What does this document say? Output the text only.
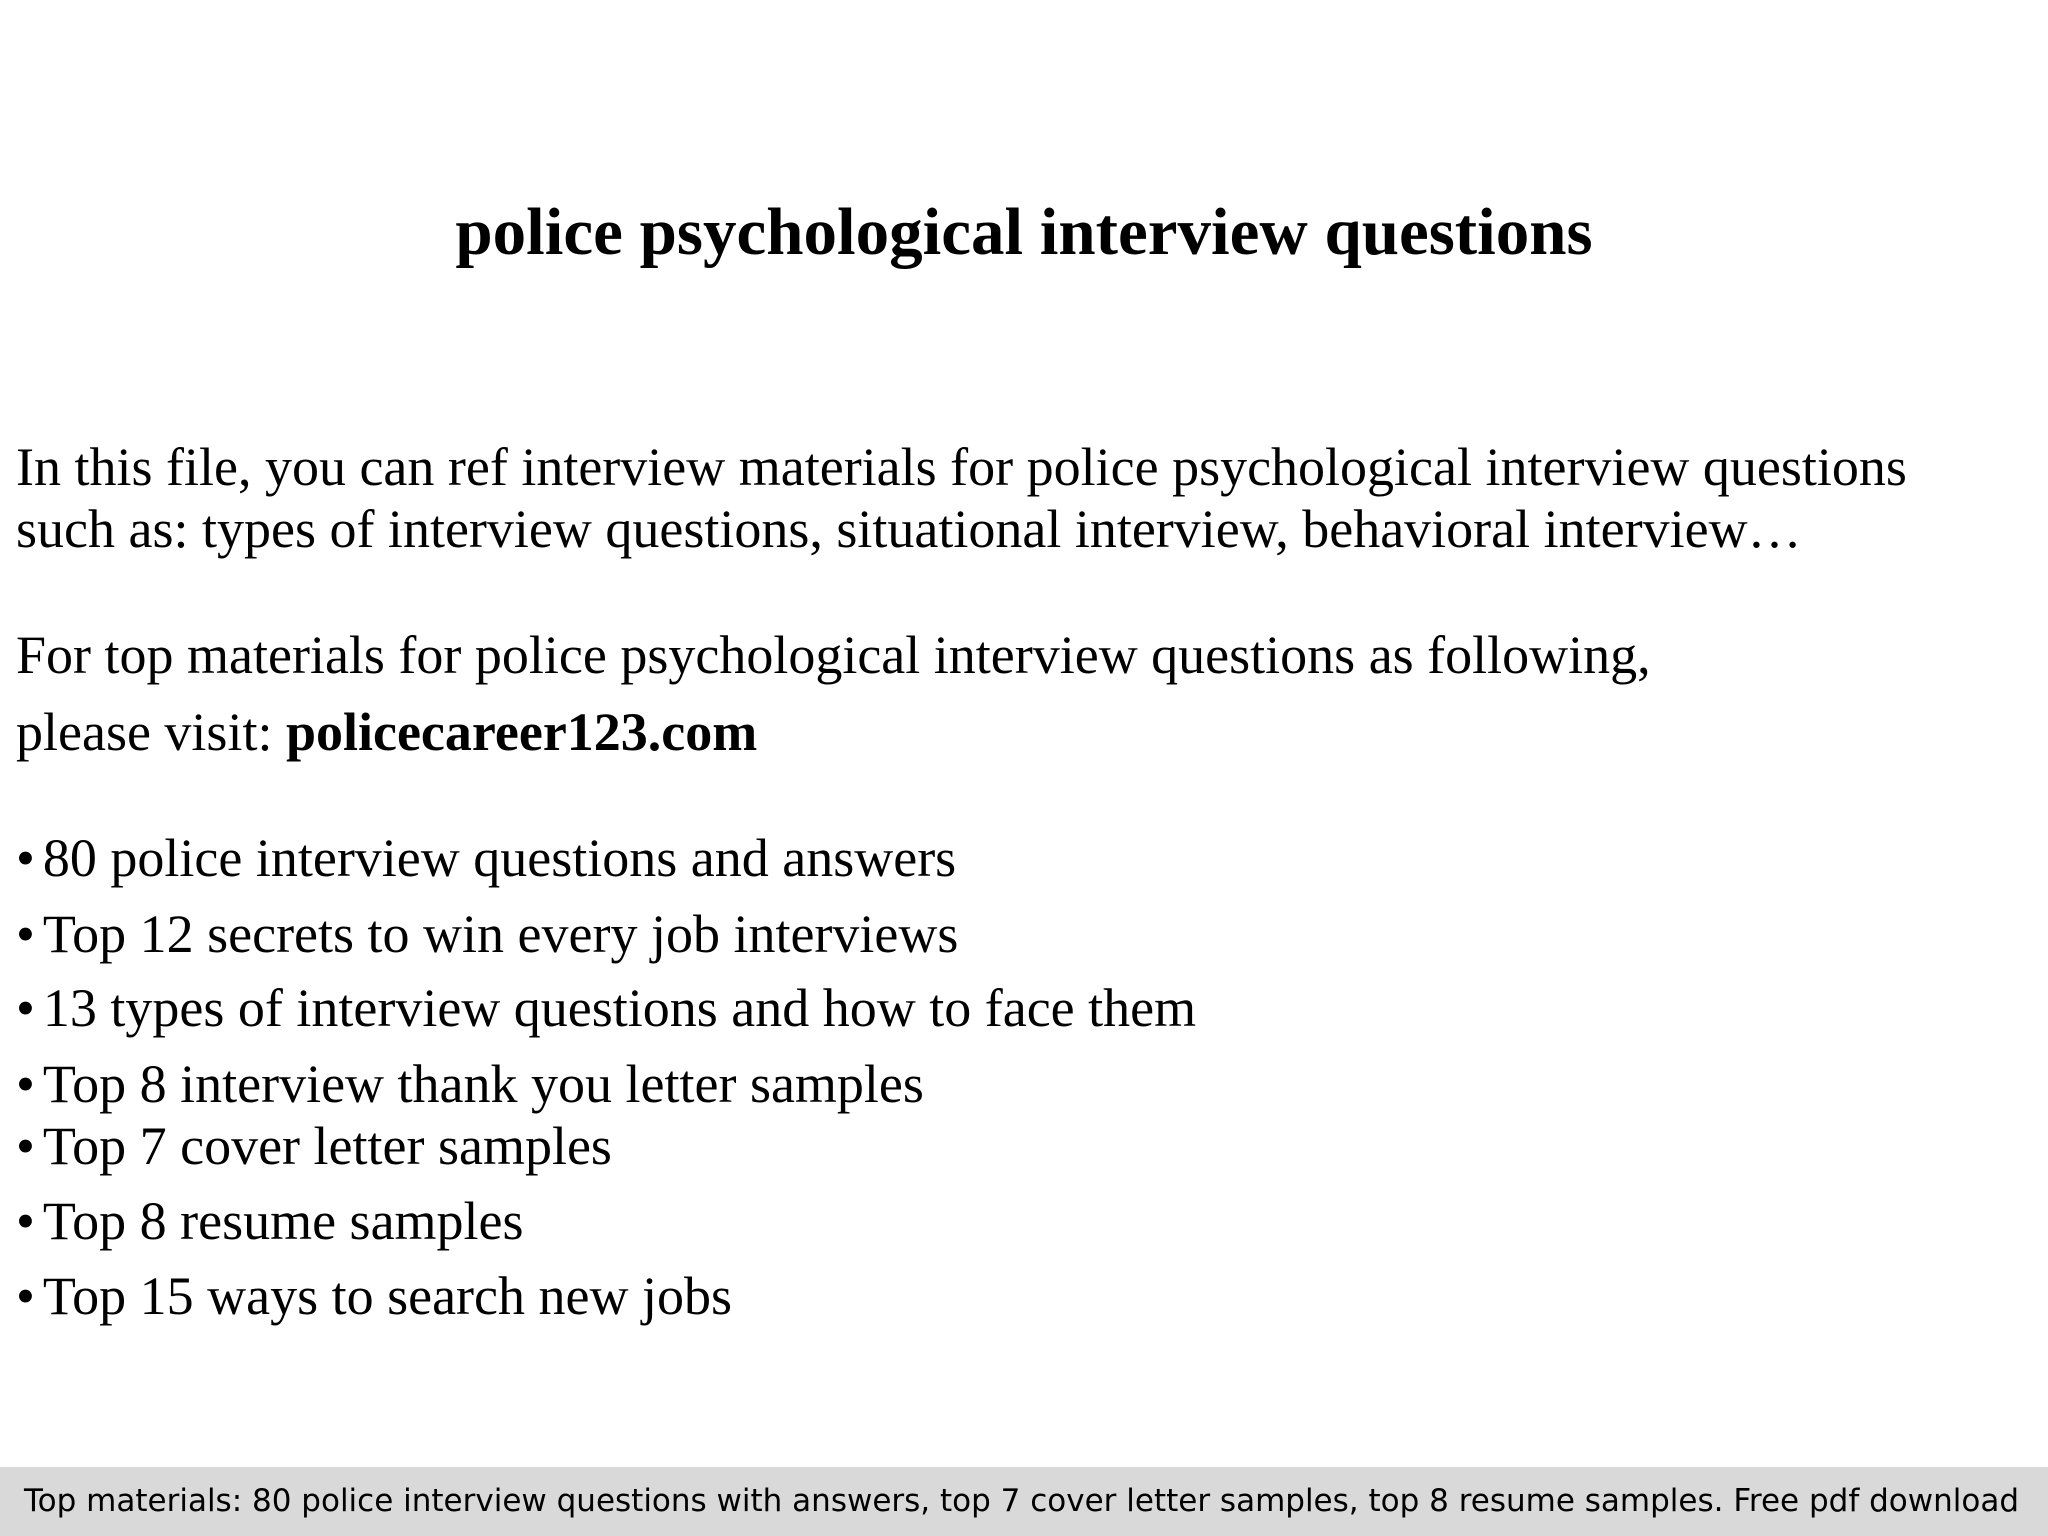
police psychological interview questions
In this file, you can ref interview materials for police psychological interview questions
such as: types of interview questions, situational interview, behavioral interview…
For top materials for police psychological interview questions as following,
please visit: policecareer123.com
• 80 police interview questions and answers
• Top 12 secrets to win every job interviews
• 13 types of interview questions and how to face them
• Top 8 interview thank you letter samples
• Top 7 cover letter samples
• Top 8 resume samples
• Top 15 ways to search new jobs
Top materials: 80 police interview questions with answers, top 7 cover letter samples, top 8 resume samples. Free pdf download
